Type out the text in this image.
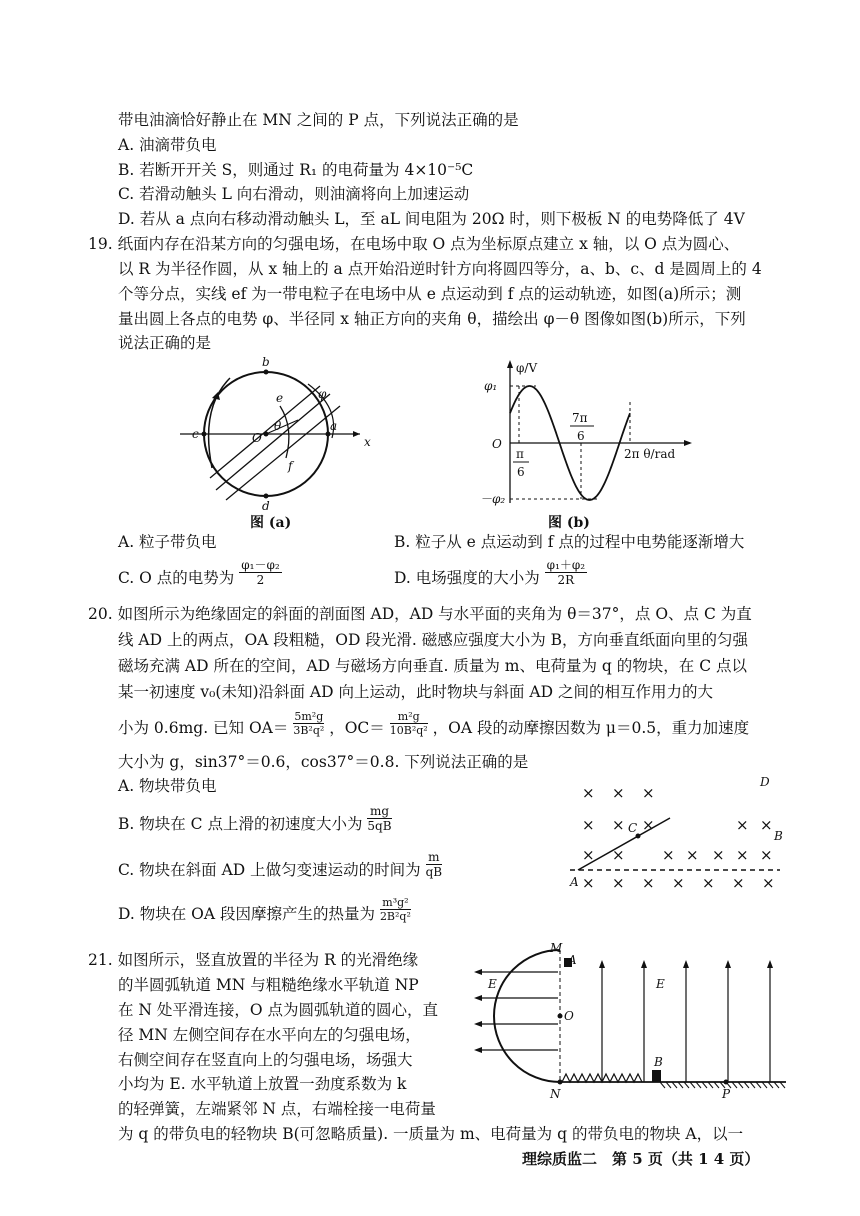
带电油滴恰好静止在 MN 之间的 P 点，下列说法正确的是
A. 油滴带负电
B. 若断开开关 S，则通过 R₁ 的电荷量为 4×10⁻⁵C
C. 若滑动触头 L 向右滑动，则油滴将向上加速运动
D. 若从 a 点向右移动滑动触头 L，至 aL 间电阻为 20Ω 时，则下极板 N 的电势降低了 4V
19. 纸面内存在沿某方向的匀强电场，在电场中取 O 点为坐标原点建立 x 轴，以 O 点为圆心、
以 R 为半径作圆，从 x 轴上的 a 点开始沿逆时针方向将圆四等分，a、b、c、d 是圆周上的 4
个等分点，实线 ef 为一带电粒子在电场中从 e 点运动到 f 点的运动轨迹，如图(a)所示；测
量出圆上各点的电势 φ、半径同 x 轴正方向的夹角 θ，描绘出 φ－θ 图像如图(b)所示，下列
说法正确的是
b
c
d
a
e
f
O	x
φ
θ
图 (a)
φ/V
φ₁
O
－φ₂
π
6
7π
6
2π θ/rad
图 (b)
A. 粒子带负电	B. 粒子从 e 点运动到 f 点的过程中电势能逐渐增大
C. O 点的电势为 $\frac{\text{φ₁－φ₂}}{2}$	D. 电场强度的大小为 $\frac{\text{φ₁＋φ₂}}{2R}$
20. 如图所示为绝缘固定的斜面的剖面图 AD，AD 与水平面的夹角为 θ＝37°，点 O、点 C 为直
线 AD 上的两点，OA 段粗糙，OD 段光滑. 磁感应强度大小为 B，方向垂直纸面向里的匀强
磁场充满 AD 所在的空间，AD 与磁场方向垂直. 质量为 m、电荷量为 q 的物块，在 C 点以
某一初速度 v₀(未知)沿斜面 AD 向上运动，此时物块与斜面 AD 之间的相互作用力的大
小为 0.6mg. 已知 $OA= \frac{\text{5m²g}}{\text{3B²q²}}$ ，$OC= \frac{\text{m²g}}{\text{10B²q²}}$ ，OA 段的动摩擦因数为 μ＝0.5，重力加速度
大小为 g，sin37°＝0.6，cos37°＝0.8. 下列说法正确的是
A. 物块带负电
B. 物块在 C 点上滑的初速度大小为 $\frac{mg}{5qB}$
C. 物块在斜面 AD 上做匀变速运动的时间为 $\frac{m}{qB}$
D. 物块在 OA 段因摩擦产生的热量为 $\frac{\text{m³g²}}{\text{2B²q²}}$
× × ×
× × ×	× ×
× × × × × × ×
× × × × × × ×
D
B
C
A
21. 如图所示，竖直放置的半径为 R 的光滑绝缘
的半圆弧轨道 MN 与粗糙绝缘水平轨道 NP
在 N 处平滑连接，O 点为圆弧轨道的圆心，直
径 MN 左侧空间存在水平向左的匀强电场，
右侧空间存在竖直向上的匀强电场，场强大
小均为 E. 水平轨道上放置一劲度系数为 k
的轻弹簧，左端紧邻 N 点，右端栓接一电荷量
为 q 的带负电的轻物块 B(可忽略质量). 一质量为 m、电荷量为 q 的带负电的物块 A，以一
M
A
E
O
E
B
N	P
理综质监二　第 5 页（共 1 4 页）
